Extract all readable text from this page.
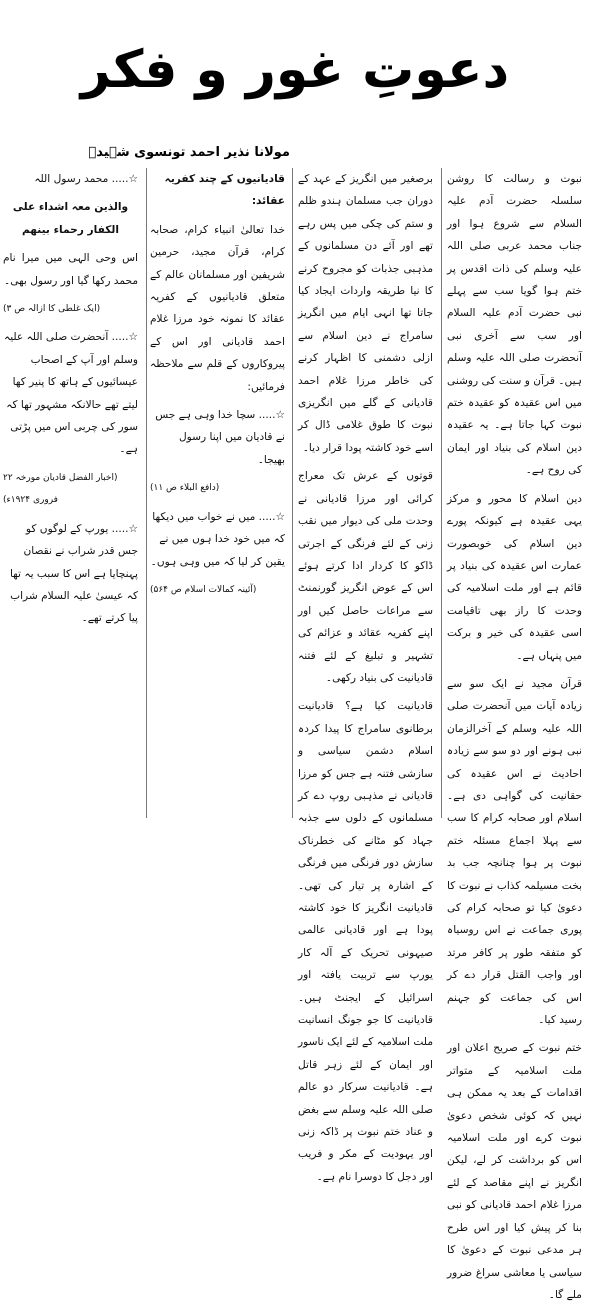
دعوتِ غور و فکر
مولانا نذیر احمد تونسوی شہیدؒ

نبوت و رسالت کا روشن سلسلہ حضرت آدم علیہ السلام سے شروع ہوا اور جناب محمد عربی صلی اللہ علیہ وسلم کی ذات اقدس پر ختم ہوا گویا سب سے پہلے نبی حضرت آدم علیہ السلام اور سب سے آخری نبی آنحضرت صلی اللہ علیہ وسلم ہیں۔ قرآن و سنت کی روشنی میں اس عقیدہ کو عقیدہ ختم نبوت کہا جاتا ہے۔ یہ عقیدہ دین اسلام کی بنیاد اور ایمان کی روح ہے۔

دین اسلام کا محور و مرکز یہی عقیدہ ہے کیونکہ پورے دین اسلام کی خوبصورت عمارت اس عقیدہ کی بنیاد پر قائم ہے اور ملت اسلامیہ کی وحدت کا راز بھی تاقیامت اسی عقیدہ کی خیر و برکت میں پنہاں ہے۔

قرآن مجید نے ایک سو سے زیادہ آیات میں آنحضرت صلی اللہ علیہ وسلم کے آخرالزمان نبی ہونے اور دو سو سے زیادہ احادیث نے اس عقیدہ کی حقانیت کی گواہی دی ہے۔ اسلام اور صحابہ کرام کا سب سے پہلا اجماع مسئلہ ختم نبوت پر ہوا چنانچہ جب بد بخت مسیلمہ کذاب نے نبوت کا دعویٰ کیا تو صحابہ کرام کی پوری جماعت نے اس روسیاہ کو متفقہ طور پر کافر مرتد اور واجب القتل قرار دے کر اس کی جماعت کو جہنم رسید کیا۔

ختم نبوت کے صریح اعلان اور ملت اسلامیہ کے متواتر اقدامات کے بعد یہ ممکن ہی نہیں کہ کوئی شخص دعویٰ نبوت کرے اور ملت اسلامیہ اس کو برداشت کر لے، لیکن انگریز نے اپنے مقاصد کے لئے مرزا غلام احمد قادیانی کو نبی بنا کر پیش کیا اور اس طرح ہر مدعی نبوت کے دعویٰ کا سیاسی یا معاشی سراغ ضرور ملے گا۔

برصغیر میں انگریز کے عہد کے دوران جب مسلمان ہندو ظلم و ستم کی چکی میں پس رہے تھے اور آئے دن مسلمانوں کے مذہبی جذبات کو مجروح کرنے کا نیا طریقہ واردات ایجاد کیا جاتا تھا انہی ایام میں انگریز سامراج نے دین اسلام سے ازلی دشمنی کا اظہار کرنے کی خاطر مرزا غلام احمد قادیانی کے گلے میں انگریزی نبوت کا طوق غلامی ڈال کر اسے خود کاشتہ پودا قرار دیا۔

قوتوں کے عرش تک معراج کرائی اور مرزا قادیانی نے وحدت ملی کی دیوار میں نقب زنی کے لئے فرنگی کے اجرتی ڈاکو کا کردار ادا کرتے ہوئے اس کے عوض انگریز گورنمنٹ سے مراعات حاصل کیں اور اپنے کفریہ عقائد و عزائم کی تشہیر و تبلیغ کے لئے فتنہ قادیانیت کی بنیاد رکھی۔

قادیانیت کیا ہے؟ قادیانیت برطانوی سامراج کا پیدا کردہ اسلام دشمن سیاسی و سازشی فتنہ ہے جس کو مرزا قادیانی نے مذہبی روپ دے کر مسلمانوں کے دلوں سے جذبہ جہاد کو مٹانے کی خطرناک سازش دور فرنگی میں فرنگی کے اشارہ پر تیار کی تھی۔ قادیانیت انگریز کا خود کاشتہ پودا ہے اور قادیانی عالمی صیہونی تحریک کے آلہ کار یورپ سے تربیت یافتہ اور اسرائیل کے ایجنٹ ہیں۔ قادیانیت کا جو جونگ انسانیت ملت اسلامیہ کے لئے ایک ناسور اور ایمان کے لئے زہر قاتل ہے۔ قادیانیت سرکار دو عالم صلی اللہ علیہ وسلم سے بغض و عناد ختم نبوت پر ڈاکہ زنی اور یہودیت کے مکر و فریب اور دجل کا دوسرا نام ہے۔

قادیانیوں کے چند کفریہ عقائد:

خدا تعالیٰ انبیاء کرام، صحابہ کرام، قرآن مجید، حرمین شریفین اور مسلمانان عالم کے متعلق قادیانیوں کے کفریہ عقائد کا نمونہ خود مرزا غلام احمد قادیانی اور اس کے پیروکاروں کے قلم سے ملاحظہ فرمائیں:

☆..... سچا خدا وہی ہے جس نے قادیان میں اپنا رسول بھیجا۔

(دافع البلاء ص ۱۱)

☆..... میں نے خواب میں دیکھا کہ میں خود خدا ہوں میں نے یقین کر لیا کہ میں وہی ہوں۔

(آئینہ کمالات اسلام ص ۵۶۴)

☆..... محمد رسول اللہ

والذین معہ اشداء علی الکفار رحماء بینھم

اس وحی الہی میں میرا نام محمد رکھا گیا اور رسول بھی۔

(ایک غلطی کا ازالہ ص ۳)

☆..... آنحضرت صلی اللہ علیہ وسلم اور آپ کے اصحاب عیسائیوں کے ہاتھ کا پنیر کھا لیتے تھے حالانکہ مشہور تھا کہ سور کی چربی اس میں پڑتی ہے۔

(اخبار الفضل قادیان مورخہ ۲۲ فروری ۱۹۲۴ء)

☆..... یورپ کے لوگوں کو جس قدر شراب نے نقصان پہنچایا ہے اس کا سبب یہ تھا کہ عیسیٰ علیہ السلام شراب پیا کرتے تھے۔
